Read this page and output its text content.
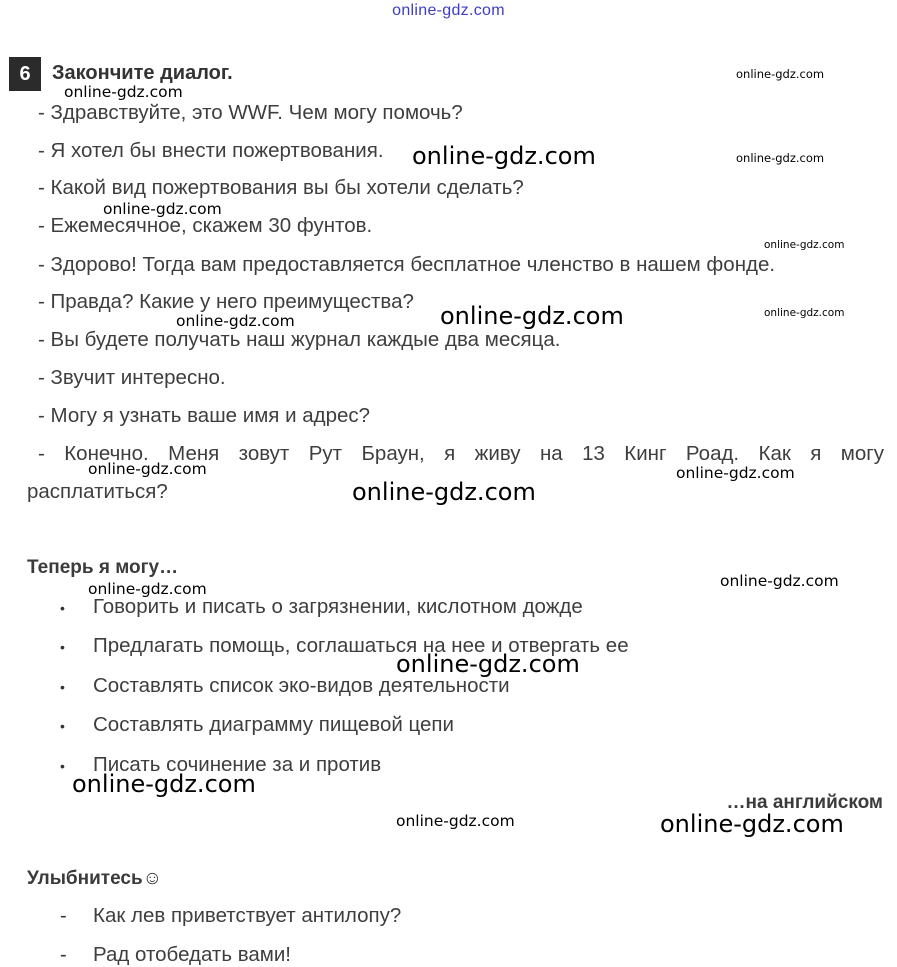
online-gdz.com
6	Закончите диалог.
- Здравствуйте, это WWF. Чем могу помочь?
- Я хотел бы внести пожертвования.
- Какой вид пожертвования вы бы хотели сделать?
- Ежемесячное, скажем 30 фунтов.
- Здорово! Тогда вам предоставляется бесплатное членство в нашем фонде.
- Правда? Какие у него преимущества?
- Вы будете получать наш журнал каждые два месяца.
- Звучит интересно.
- Могу я узнать ваше имя и адрес?
- Конечно. Меня зовут Рут Браун, я живу на 13 Кинг Роад. Как я могу
расплатиться?
Теперь я могу…
• Говорить и писать о загрязнении, кислотном дожде
• Предлагать помощь, соглашаться на нее и отвергать ее
• Составлять список эко-видов деятельности
• Составлять диаграмму пищевой цепи
• Писать сочинение за и против
…на английском
Улыбнитесь☺
- Как лев приветствует антилопу?
- Рад отобедать вами!
online-gdz.com
online-gdz.com
online-gdz.com	online-gdz.com
online-gdz.com
online-gdz.com
online-gdz.com	online-gdz.com
online-gdz.com
online-gdz.com	online-gdz.com
online-gdz.com
online-gdz.com
online-gdz.com
online-gdz.com
online-gdz.com
online-gdz.com	online-gdz.com
